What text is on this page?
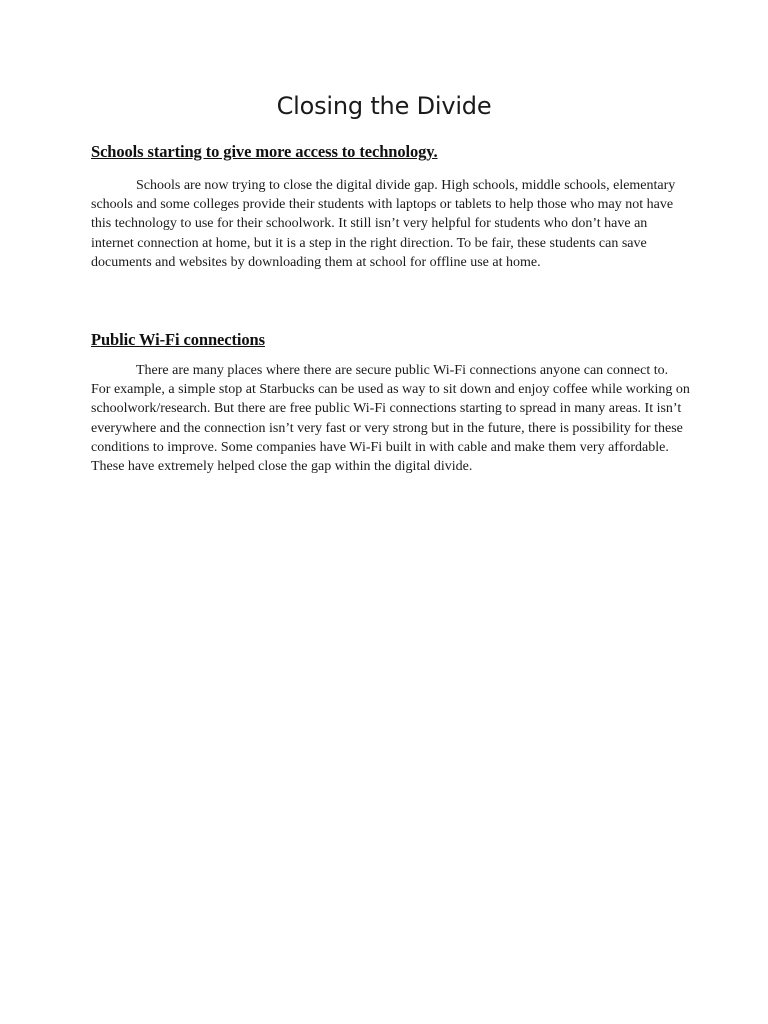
Closing the Divide
Schools starting to give more access to technology.

Schools are now trying to close the digital divide gap. High schools, middle schools, elementary schools and some colleges provide their students with laptops or tablets to help those who may not have this technology to use for their schoolwork. It still isn’t very helpful for students who don’t have an internet connection at home, but it is a step in the right direction. To be fair, these students can save documents and websites by downloading them at school for offline use at home.

Public Wi-Fi connections

There are many places where there are secure public Wi-Fi connections anyone can connect to. For example, a simple stop at Starbucks can be used as way to sit down and enjoy coffee while working on schoolwork/research. But there are free public Wi-Fi connections starting to spread in many areas. It isn’t everywhere and the connection isn’t very fast or very strong but in the future, there is possibility for these conditions to improve. Some companies have Wi-Fi built in with cable and make them very affordable. These have extremely helped close the gap within the digital divide.
